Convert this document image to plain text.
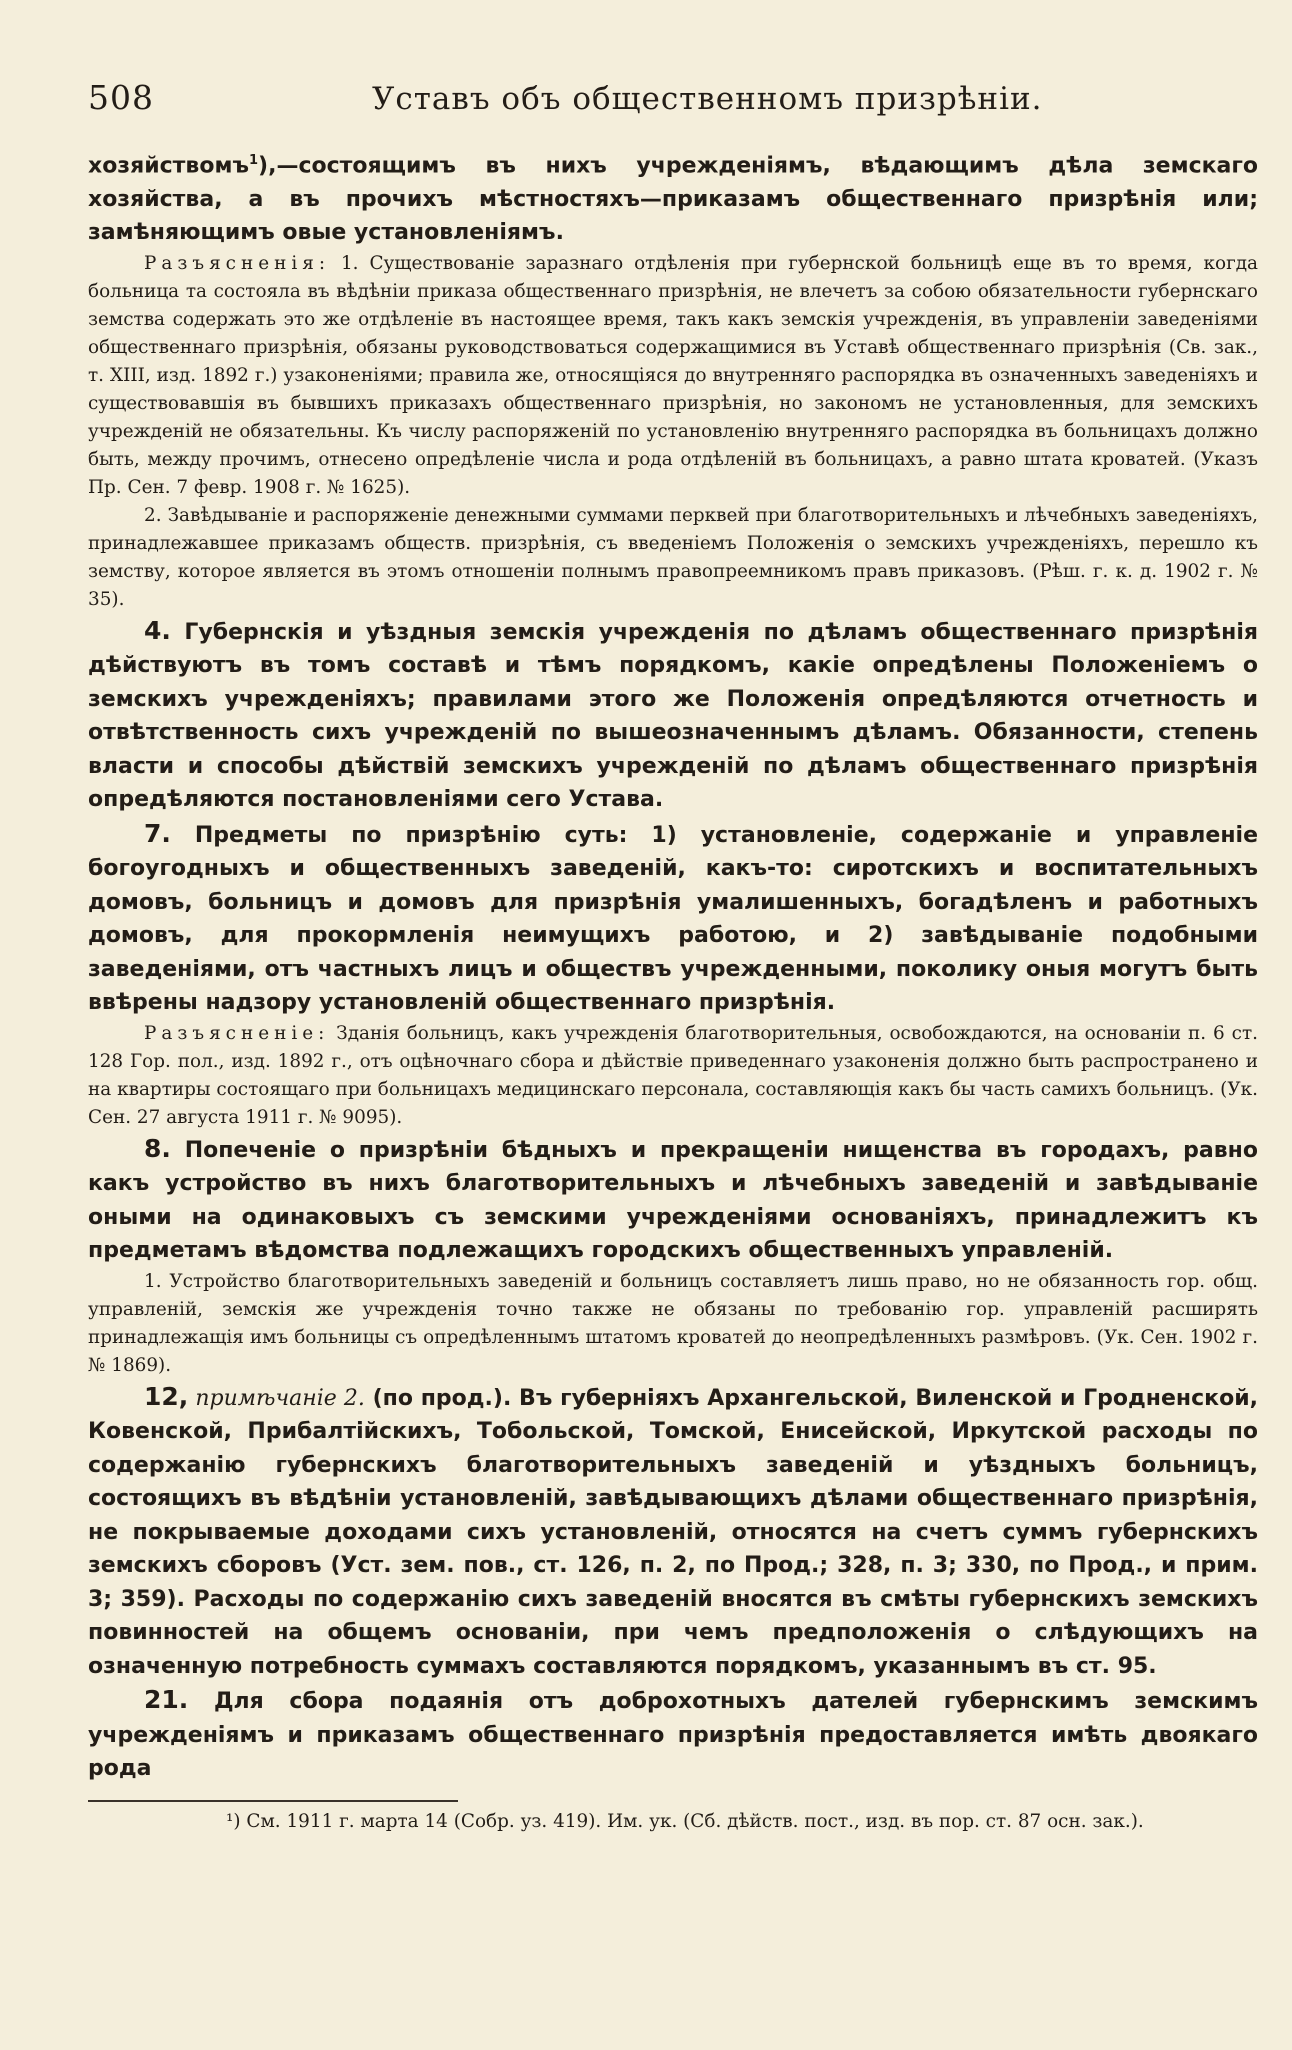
508	Уставъ объ общественномъ призрѣніи.

хозяйствомъ$^1$),—состоящимъ въ нихъ учрежденіямъ, вѣдающимъ дѣла земскаго хозяйства, а въ прочихъ мѣстностяхъ—приказамъ общественнаго призрѣнія или; замѣняющимъ овые установленіямъ.

Разъясненія: 1. Существованіе заразнаго отдѣленія при губернской больницѣ еще въ то время, когда больница та состояла въ вѣдѣніи приказа общественнаго призрѣнія, не влечетъ за собою обязательности губернскаго земства содержать это же отдѣленіе въ настоящее время, такъ какъ земскія учрежденія, въ управленіи заведеніями общественнаго призрѣнія, обязаны руководствоваться содержащимися въ Уставѣ общественнаго призрѣнія (Св. зак., т. XIII, изд. 1892 г.) узаконеніями; правила же, относящіяся до внутренняго распорядка въ означенныхъ заведеніяхъ и существовавшія въ бывшихъ приказахъ общественнаго призрѣнія, но закономъ не установленныя, для земскихъ учрежденій не обязательны. Къ числу распоряженій по установленію внутренняго распорядка въ больницахъ должно быть, между прочимъ, отнесено опредѣленіе числа и рода отдѣленій въ больницахъ, а равно штата кроватей. (Указъ Пр. Сен. 7 февр. 1908 г. № 1625).

2. Завѣдываніе и распоряженіе денежными суммами перквей при благотворительныхъ и лѣчебныхъ заведеніяхъ, принадлежавшее приказамъ обществ. призрѣнія, съ введеніемъ Положенія о земскихъ учрежденіяхъ, перешло къ земству, которое является въ этомъ отношеніи полнымъ правопреемникомъ правъ приказовъ. (Рѣш. г. к. д. 1902 г. № 35).

4. Губернскія и уѣздныя земскія учрежденія по дѣламъ общественнаго призрѣнія дѣйствуютъ въ томъ составѣ и тѣмъ порядкомъ, какіе опредѣлены Положеніемъ о земскихъ учрежденіяхъ; правилами этого же Положенія опредѣляются отчетность и отвѣтственность сихъ учрежденій по вышеозначеннымъ дѣламъ. Обязанности, степень власти и способы дѣйствій земскихъ учрежденій по дѣламъ общественнаго призрѣнія опредѣляются постановленіями сего Устава.

7. Предметы по призрѣнію суть: 1) установленіе, содержаніе и управленіе богоугодныхъ и общественныхъ заведеній, какъ-то: сиротскихъ и воспитательныхъ домовъ, больницъ и домовъ для призрѣнія умалишенныхъ, богадѣленъ и работныхъ домовъ, для прокормленія неимущихъ работою, и 2) завѣдываніе подобными заведеніями, отъ частныхъ лицъ и обществъ учрежденными, поколику оныя могутъ быть ввѣрены надзору установленій общественнаго призрѣнія.

Разъясненіе: Зданія больницъ, какъ учрежденія благотворительныя, освобождаются, на основаніи п. 6 ст. 128 Гор. пол., изд. 1892 г., отъ оцѣночнаго сбора и дѣйствіе приведеннаго узаконенія должно быть распространено и на квартиры состоящаго при больницахъ медицинскаго персонала, составляющія какъ бы часть самихъ больницъ. (Ук. Сен. 27 августа 1911 г. № 9095).

8. Попеченіе о призрѣніи бѣдныхъ и прекращеніи нищенства въ городахъ, равно какъ устройство въ нихъ благотворительныхъ и лѣчебныхъ заведеній и завѣдываніе оными на одинаковыхъ съ земскими учрежденіями основаніяхъ, принадлежитъ къ предметамъ вѣдомства подлежащихъ городскихъ общественныхъ управленій.

1. Устройство благотворительныхъ заведеній и больницъ составляетъ лишь право, но не обязанность гор. общ. управленій, земскія же учрежденія точно также не обязаны по требованію гор. управленій расширять принадлежащія имъ больницы съ опредѣленнымъ штатомъ кроватей до неопредѣленныхъ размѣровъ. (Ук. Сен. 1902 г. № 1869).

12, примѣчаніе 2. (по прод.). Въ губерніяхъ Архангельской, Виленской и Гродненской, Ковенской, Прибалтійскихъ, Тобольской, Томской, Енисейской, Иркутской расходы по содержанію губернскихъ благотворительныхъ заведеній и уѣздныхъ больницъ, состоящихъ въ вѣдѣніи установленій, завѣдывающихъ дѣлами общественнаго призрѣнія, не покрываемые доходами сихъ установленій, относятся на счетъ суммъ губернскихъ земскихъ сборовъ (Уст. зем. пов., ст. 126, п. 2, по Прод.; 328, п. 3; 330, по Прод., и прим. 3; 359). Расходы по содержанію сихъ заведеній вносятся въ смѣты губернскихъ земскихъ повинностей на общемъ основаніи, при чемъ предположенія о слѣдующихъ на означенную потребность суммахъ составляются порядкомъ, указаннымъ въ ст. 95.

21. Для сбора подаянія отъ доброхотныхъ дателей губернскимъ земскимъ учрежденіямъ и приказамъ общественнаго призрѣнія предоставляется имѣть двоякаго рода

¹) См. 1911 г. марта 14 (Собр. уз. 419). Им. ук. (Сб. дѣйств. пост., изд. въ пор. ст. 87 осн. зак.).
